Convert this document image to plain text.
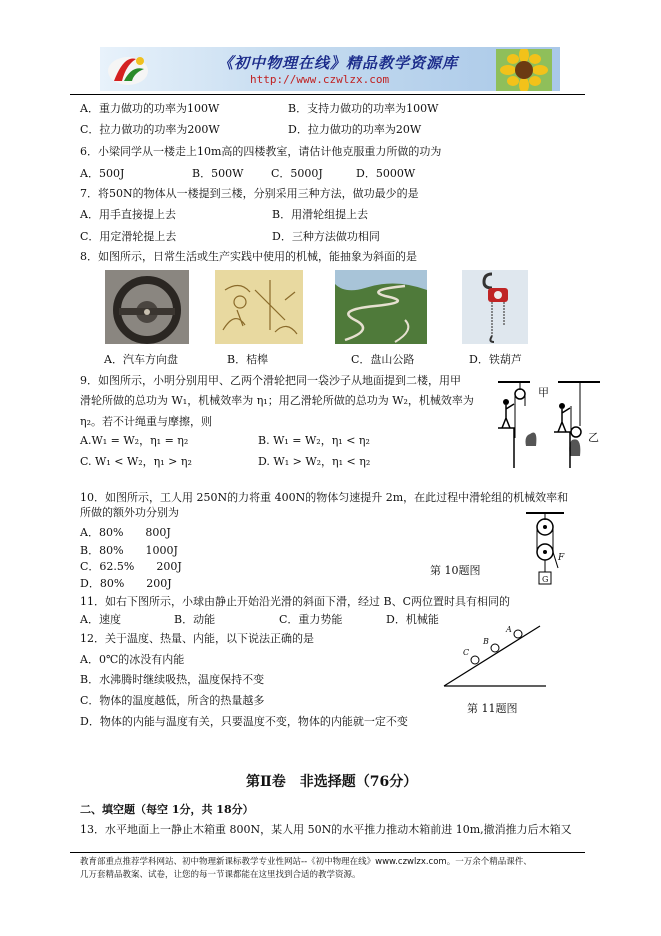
《初中物理在线》精品教学资源库
http://www.czwlzx.com
A．重力做功的功率为100W	B．支持力做功的功率为100W
C．拉力做功的功率为200W	D．拉力做功的功率为20W
6．小梁同学从一楼走上10m高的四楼教室，请估计他克服重力所做的功为
A．500J	B．500W	C．5000J	D．5000W
7．将50N的物体从一楼提到三楼，分别采用三种方法，做功最少的是
A．用手直接提上去	B．用滑轮组提上去
C．用定滑轮提上去	D．三种方法做功相同
8．如图所示，日常生活或生产实践中使用的机械，能抽象为斜面的是
A．汽车方向盘	B．桔槔	C．盘山公路	D．铁葫芦
9．如图所示，小明分别用甲、乙两个滑轮把同一袋沙子从地面提到二楼，用甲
滑轮所做的总功为 W₁，机械效率为 η₁；用乙滑轮所做的总功为 W₂，机械效率为
η₂。若不计绳重与摩擦，则
A.W₁ = W₂，η₁ = η₂	B. W₁ = W₂，η₁ < η₂
C. W₁ < W₂，η₁ > η₂	D. W₁ > W₂，η₁ < η₂
甲
乙
10．如图所示，工人用 250N的力将重 400N的物体匀速提升 2m，在此过程中滑轮组的机械效率和
所做的额外功分别为
A．80%　　800J
B．80%　　1000J
C．62.5%　　200J
D．80%　　200J
第 10题图
F
G
11．如右下图所示，小球由静止开始沿光滑的斜面下滑，经过 B、C两位置时具有相同的
A．速度	B．动能	C．重力势能	D．机械能
C
B
A
第 11题图
12．关于温度、热量、内能，以下说法正确的是
A．0℃的冰没有内能
B．水沸腾时继续吸热，温度保持不变
C．物体的温度越低，所含的热量越多
D．物体的内能与温度有关，只要温度不变，物体的内能就一定不变
第Ⅱ卷　非选择题（76分）
二、填空题（每空 1分，共 18分）
13．水平地面上一静止木箱重 800N，某人用 50N的水平推力推动木箱前进 10m,撤消推力后木箱又
教育部重点推荐学科网站、初中物理新课标教学专业性网站--《初中物理在线》www.czwlzx.com。一万余个精品课件、
几万套精品教案、试卷，让您的每一节课都能在这里找到合适的教学资源。
